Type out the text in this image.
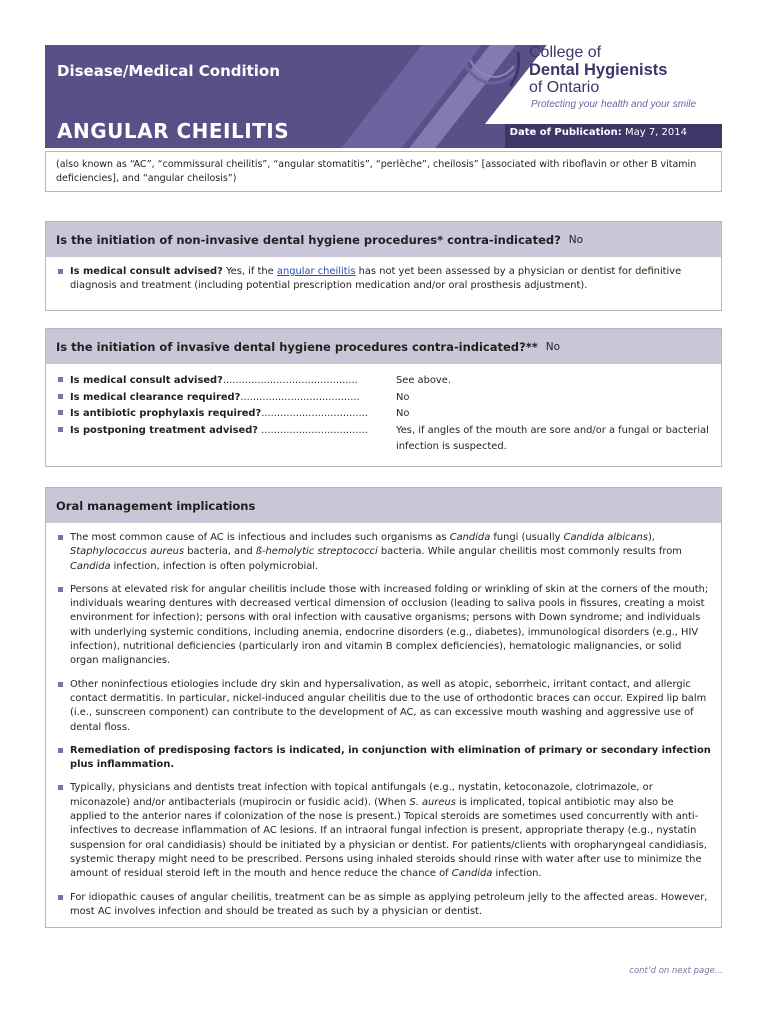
Disease/Medical Condition
ANGULAR CHEILITIS	Date of Publication: May 7, 2014
College of
Dental Hygienists
of Ontario
Protecting your health and your smile
(also known as “AC”, “commissural cheilitis”, “angular stomatitis”, “perlèche”, cheilosis” [associated with riboflavin or other B vitamin deficiencies], and “angular cheilosis”)
Is the initiation of non-invasive dental hygiene procedures* contra-indicated? No
Is medical consult advised? Yes, if the angular cheilitis has not yet been assessed by a physician or dentist for definitive diagnosis and treatment (including potential prescription medication and/or oral prosthesis adjustment).
Is the initiation of invasive dental hygiene procedures contra-indicated?** No
Is medical consult advised?...........................................	See above.
Is medical clearance required?......................................	No
Is antibiotic prophylaxis required?..................................	No
Is postponing treatment advised? ..................................	Yes, if angles of the mouth are sore and/or a fungal or bacterial infection is suspected.
Oral management implications
The most common cause of AC is infectious and includes such organisms as Candida fungi (usually Candida albicans), Staphylococcus aureus bacteria, and ß-hemolytic streptococci bacteria. While angular cheilitis most commonly results from Candida infection, infection is often polymicrobial.
Persons at elevated risk for angular cheilitis include those with increased folding or wrinkling of skin at the corners of the mouth; individuals wearing dentures with decreased vertical dimension of occlusion (leading to saliva pools in fissures, creating a moist environment for infection); persons with oral infection with causative organisms; persons with Down syndrome; and individuals with underlying systemic conditions, including anemia, endocrine disorders (e.g., diabetes), immunological disorders (e.g., HIV infection), nutritional deficiencies (particularly iron and vitamin B complex deficiencies), hematologic malignancies, or solid organ malignancies.
Other noninfectious etiologies include dry skin and hypersalivation, as well as atopic, seborrheic, irritant contact, and allergic contact dermatitis. In particular, nickel-induced angular cheilitis due to the use of orthodontic braces can occur. Expired lip balm (i.e., sunscreen component) can contribute to the development of AC, as can excessive mouth washing and aggressive use of dental floss.
Remediation of predisposing factors is indicated, in conjunction with elimination of primary or secondary infection plus inflammation.
Typically, physicians and dentists treat infection with topical antifungals (e.g., nystatin, ketoconazole, clotrimazole, or miconazole) and/or antibacterials (mupirocin or fusidic acid). (When S. aureus is implicated, topical antibiotic may also be applied to the anterior nares if colonization of the nose is present.) Topical steroids are sometimes used concurrently with anti-infectives to decrease inflammation of AC lesions. If an intraoral fungal infection is present, appropriate therapy (e.g., nystatin suspension for oral candidiasis) should be initiated by a physician or dentist. For patients/clients with oropharyngeal candidiasis, systemic therapy might need to be prescribed. Persons using inhaled steroids should rinse with water after use to minimize the amount of residual steroid left in the mouth and hence reduce the chance of Candida infection.
For idiopathic causes of angular cheilitis, treatment can be as simple as applying petroleum jelly to the affected areas. However, most AC involves infection and should be treated as such by a physician or dentist.
cont’d on next page...
